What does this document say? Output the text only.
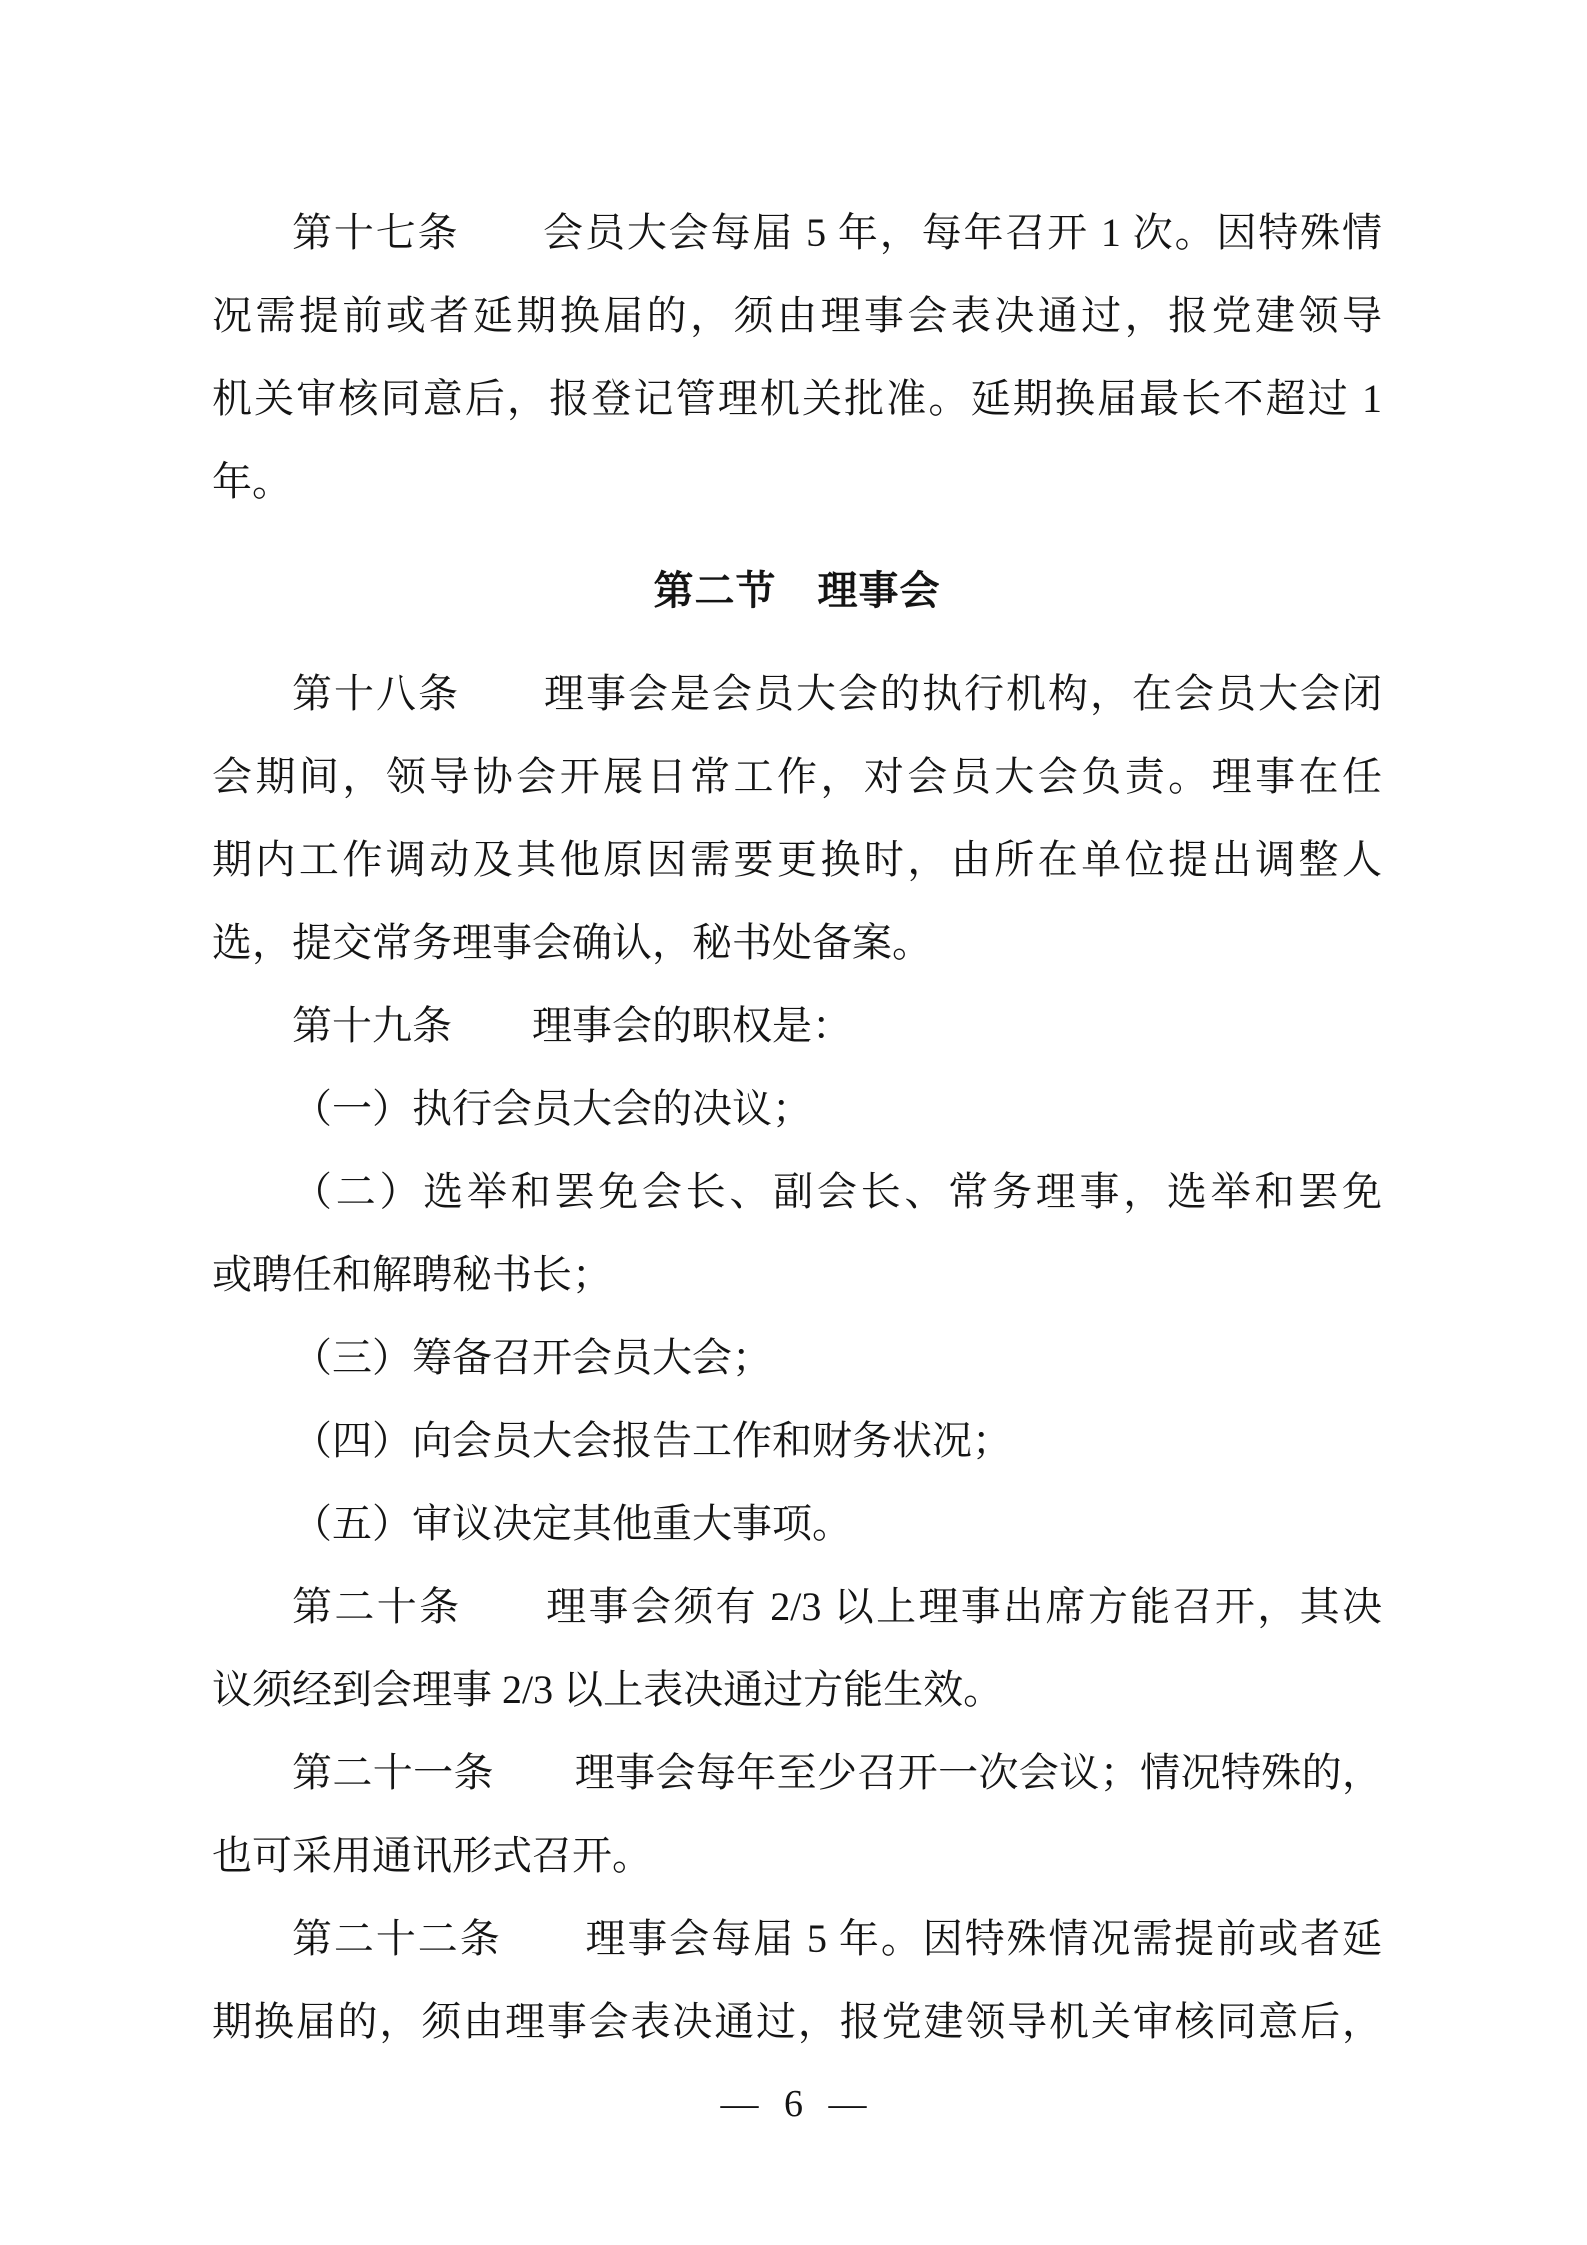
第十七条　　会员大会每届 5 年，每年召开 1 次。因特殊情
况需提前或者延期换届的，须由理事会表决通过，报党建领导
机关审核同意后，报登记管理机关批准。延期换届最长不超过 1
年。
第二节　理事会
第十八条　　理事会是会员大会的执行机构，在会员大会闭
会期间，领导协会开展日常工作，对会员大会负责。理事在任
期内工作调动及其他原因需要更换时，由所在单位提出调整人
选，提交常务理事会确认，秘书处备案。
第十九条　　理事会的职权是：
（一）执行会员大会的决议；
（二）选举和罢免会长、副会长、常务理事，选举和罢免
或聘任和解聘秘书长；
（三）筹备召开会员大会；
（四）向会员大会报告工作和财务状况；
（五）审议决定其他重大事项。
第二十条　　理事会须有 2/3 以上理事出席方能召开，其决
议须经到会理事 2/3 以上表决通过方能生效。
第二十一条　　理事会每年至少召开一次会议；情况特殊的，
也可采用通讯形式召开。
第二十二条　　理事会每届 5 年。因特殊情况需提前或者延
期换届的，须由理事会表决通过，报党建领导机关审核同意后，
— 6 —
